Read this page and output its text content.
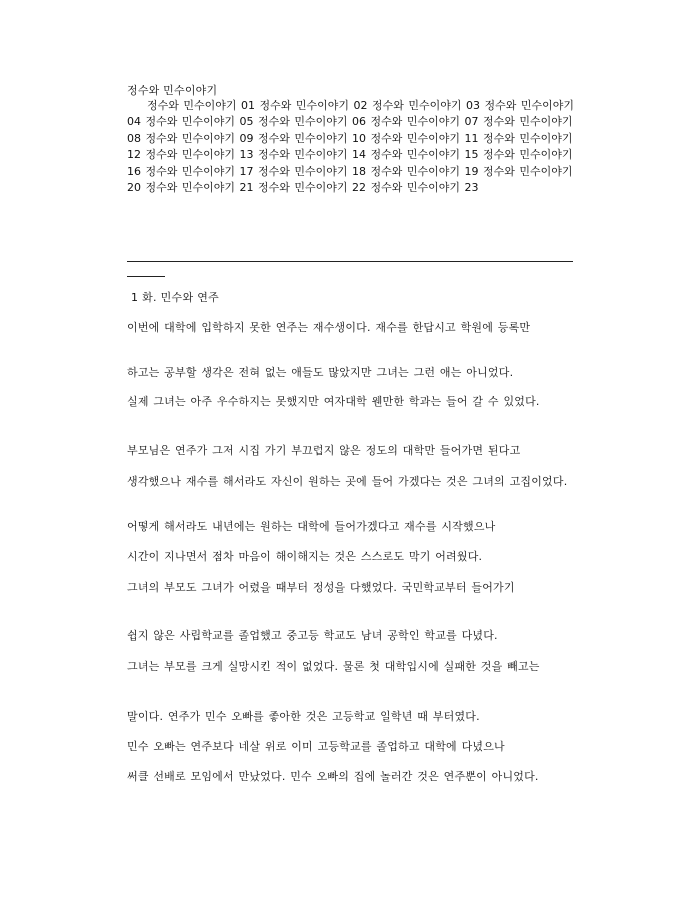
정수와 민수이야기
정수와 민수이야기 01 정수와 민수이야기 02 정수와 민수이야기 03 정수와 민수이야기 04 정수와 민수이야기 05 정수와 민수이야기 06 정수와 민수이야기 07 정수와 민수이야기 08 정수와 민수이야기 09 정수와 민수이야기 10 정수와 민수이야기 11 정수와 민수이야기 12 정수와 민수이야기 13 정수와 민수이야기 14 정수와 민수이야기 15 정수와 민수이야기 16 정수와 민수이야기 17 정수와 민수이야기 18 정수와 민수이야기 19 정수와 민수이야기 20 정수와 민수이야기 21 정수와 민수이야기 22 정수와 민수이야기 23
1 화. 민수와 연주
이번에 대학에 입학하지 못한 연주는 재수생이다. 재수를 한답시고 학원에 등록만
하고는 공부할 생각은 전혀 없는 애들도 많았지만 그녀는 그런 애는 아니었다.
실제 그녀는 아주 우수하지는 못했지만 여자대학 웬만한 학과는 들어 갈 수 있었다.
부모님은 연주가 그저 시집 가기 부끄럽지 않은 정도의 대학만 들어가면 된다고
생각했으나 재수를 해서라도 자신이 원하는 곳에 들어 가겠다는 것은 그녀의 고집이었다.
어떻게 해서라도 내년에는 원하는 대학에 들어가겠다고 재수를 시작했으나
시간이 지나면서 점차 마음이 해이해지는 것은 스스로도 막기 어려웠다.
그녀의 부모도 그녀가 어렸을 때부터 정성을 다했었다. 국민학교부터 들어가기
쉽지 않은 사립학교를 졸업했고 중고등 학교도 남녀 공학인 학교를 다녔다.
그녀는 부모를 크게 실망시킨 적이 없었다. 물론 첫 대학입시에 실패한 것을 빼고는
말이다. 연주가 민수 오빠를 좋아한 것은 고등학교 일학년 때 부터였다.
민수 오빠는 연주보다 네살 위로 이미 고등학교를 졸업하고 대학에 다녔으나
써클 선배로 모임에서 만났었다. 민수 오빠의 집에 놀러간 것은 연주뿐이 아니었다.
